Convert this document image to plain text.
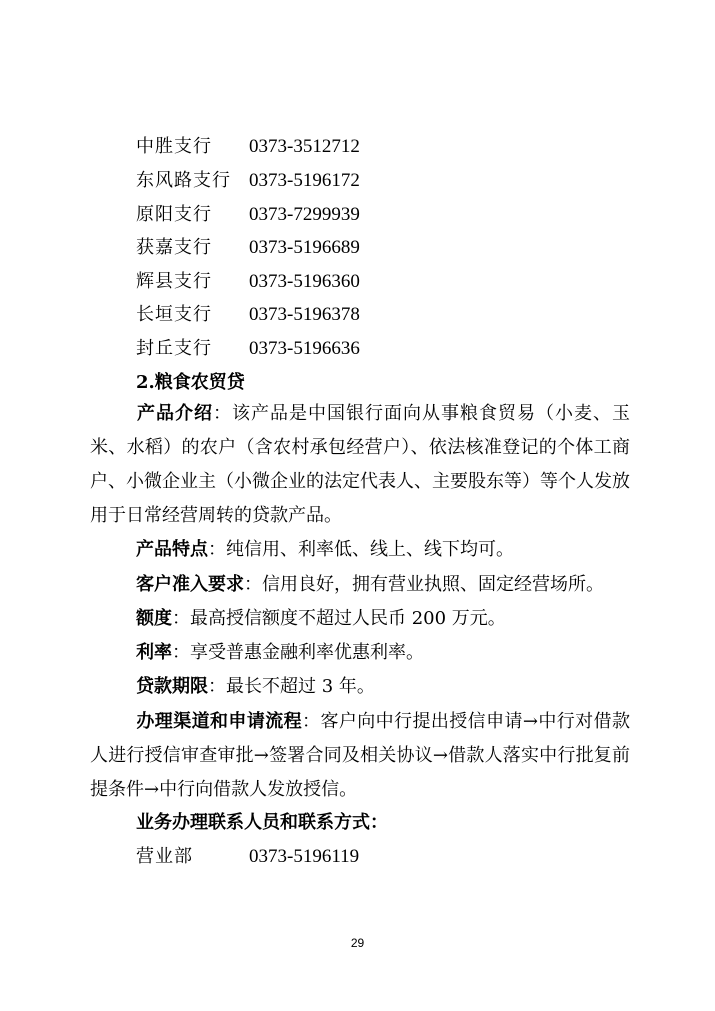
中胜支行 0373-3512712
东风路支行 0373-5196172
原阳支行 0373-7299939
获嘉支行 0373-5196689
辉县支行 0373-5196360
长垣支行 0373-5196378
封丘支行 0373-5196636
2.粮食农贸贷
产品介绍：该产品是中国银行面向从事粮食贸易（小麦、玉米、水稻）的农户（含农村承包经营户）、依法核准登记的个体工商户、小微企业主（小微企业的法定代表人、主要股东等）等个人发放用于日常经营周转的贷款产品。
产品特点：纯信用、利率低、线上、线下均可。
客户准入要求：信用良好，拥有营业执照、固定经营场所。
额度：最高授信额度不超过人民币 200 万元。
利率：享受普惠金融利率优惠利率。
贷款期限：最长不超过 3 年。
办理渠道和申请流程：客户向中行提出授信申请→中行对借款人进行授信审查审批→签署合同及相关协议→借款人落实中行批复前提条件→中行向借款人发放授信。
业务办理联系人员和联系方式：
营业部	0373-5196119
29
